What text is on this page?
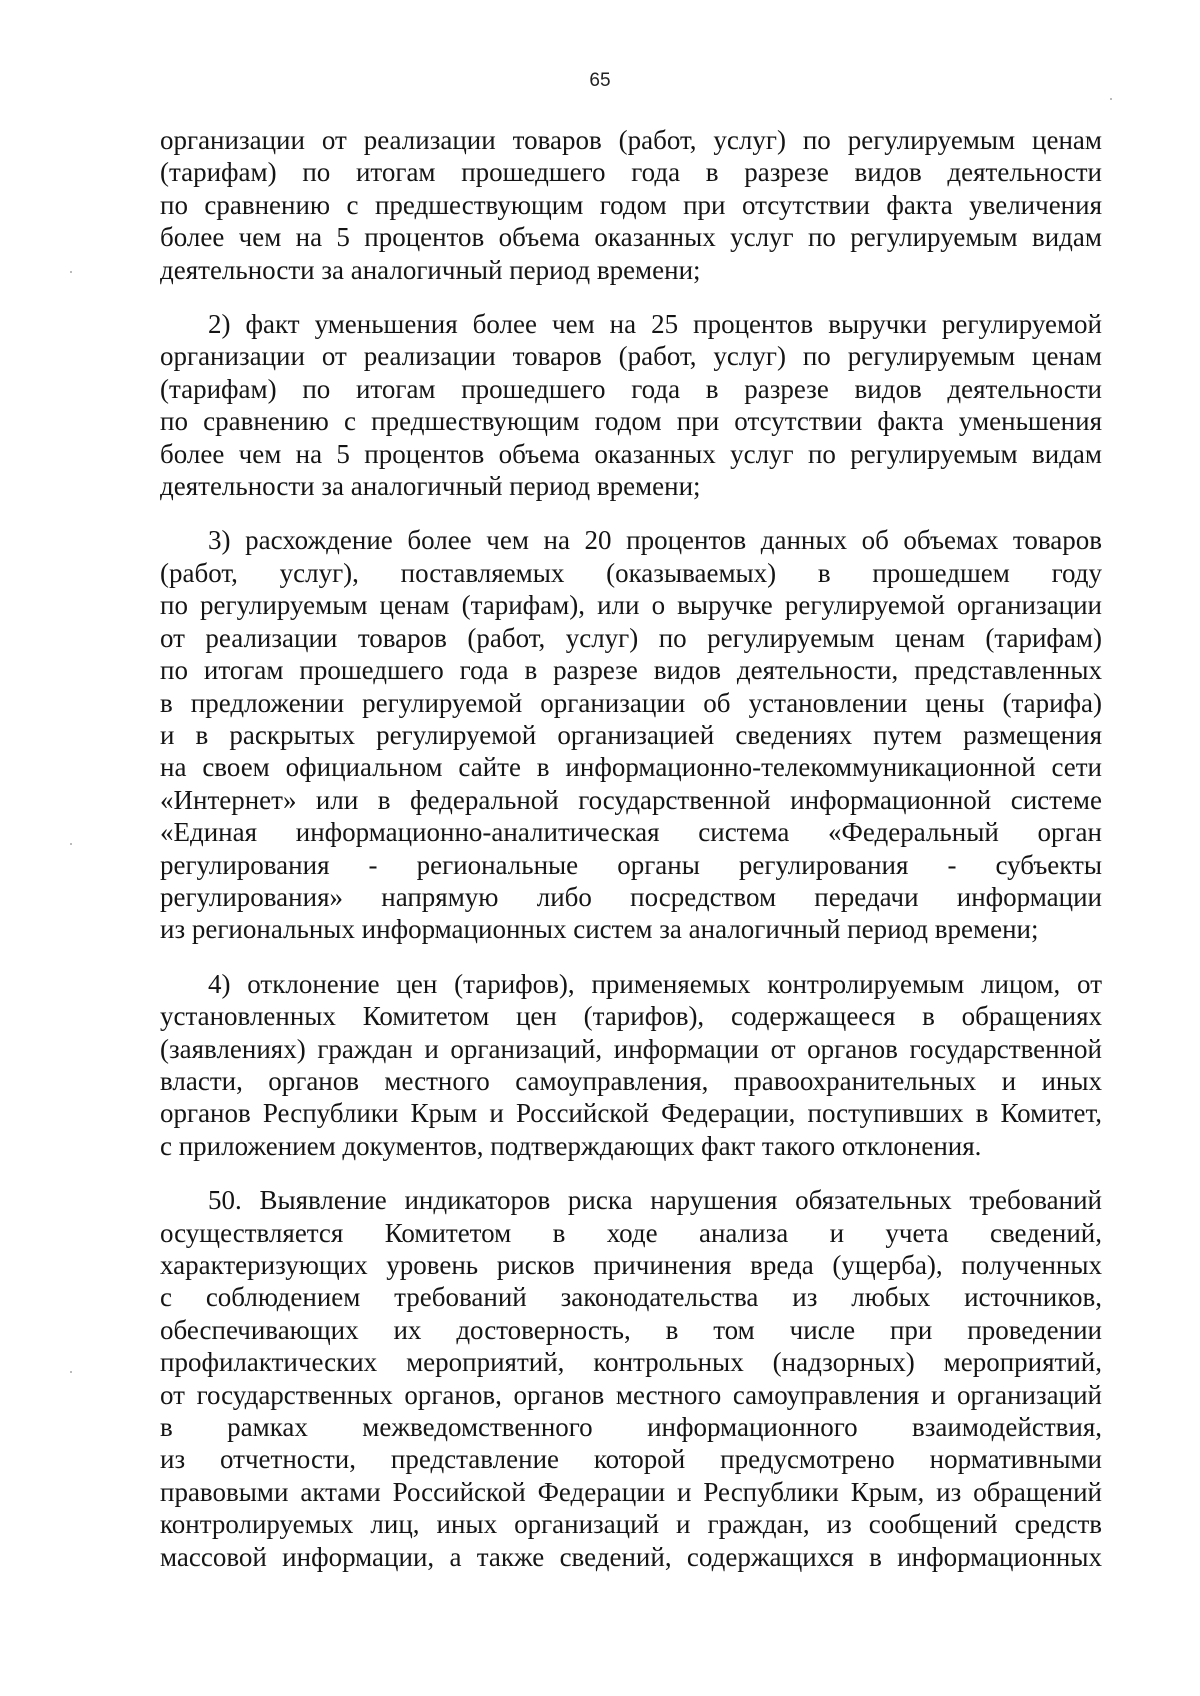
65
организации от реализации товаров (работ, услуг) по регулируемым ценам
(тарифам) по итогам прошедшего года в разрезе видов деятельности
по сравнению с предшествующим годом при отсутствии факта увеличения
более чем на 5 процентов объема оказанных услуг по регулируемым видам
деятельности за аналогичный период времени;
2) факт уменьшения более чем на 25 процентов выручки регулируемой
организации от реализации товаров (работ, услуг) по регулируемым ценам
(тарифам) по итогам прошедшего года в разрезе видов деятельности
по сравнению с предшествующим годом при отсутствии факта уменьшения
более чем на 5 процентов объема оказанных услуг по регулируемым видам
деятельности за аналогичный период времени;
3) расхождение более чем на 20 процентов данных об объемах товаров
(работ, услуг), поставляемых (оказываемых) в прошедшем году
по регулируемым ценам (тарифам), или о выручке регулируемой организации
от реализации товаров (работ, услуг) по регулируемым ценам (тарифам)
по итогам прошедшего года в разрезе видов деятельности, представленных
в предложении регулируемой организации об установлении цены (тарифа)
и в раскрытых регулируемой организацией сведениях путем размещения
на своем официальном сайте в информационно-телекоммуникационной сети
«Интернет» или в федеральной государственной информационной системе
«Единая информационно-аналитическая система «Федеральный орган
регулирования - региональные органы регулирования - субъекты
регулирования» напрямую либо посредством передачи информации
из региональных информационных систем за аналогичный период времени;
4) отклонение цен (тарифов), применяемых контролируемым лицом, от
установленных Комитетом цен (тарифов), содержащееся в обращениях
(заявлениях) граждан и организаций, информации от органов государственной
власти, органов местного самоуправления, правоохранительных и иных
органов Республики Крым и Российской Федерации, поступивших в Комитет,
с приложением документов, подтверждающих факт такого отклонения.
50. Выявление индикаторов риска нарушения обязательных требований
осуществляется Комитетом в ходе анализа и учета сведений,
характеризующих уровень рисков причинения вреда (ущерба), полученных
с соблюдением требований законодательства из любых источников,
обеспечивающих их достоверность, в том числе при проведении
профилактических мероприятий, контрольных (надзорных) мероприятий,
от государственных органов, органов местного самоуправления и организаций
в рамках межведомственного информационного взаимодействия,
из отчетности, представление которой предусмотрено нормативными
правовыми актами Российской Федерации и Республики Крым, из обращений
контролируемых лиц, иных организаций и граждан, из сообщений средств
массовой информации, а также сведений, содержащихся в информационных
